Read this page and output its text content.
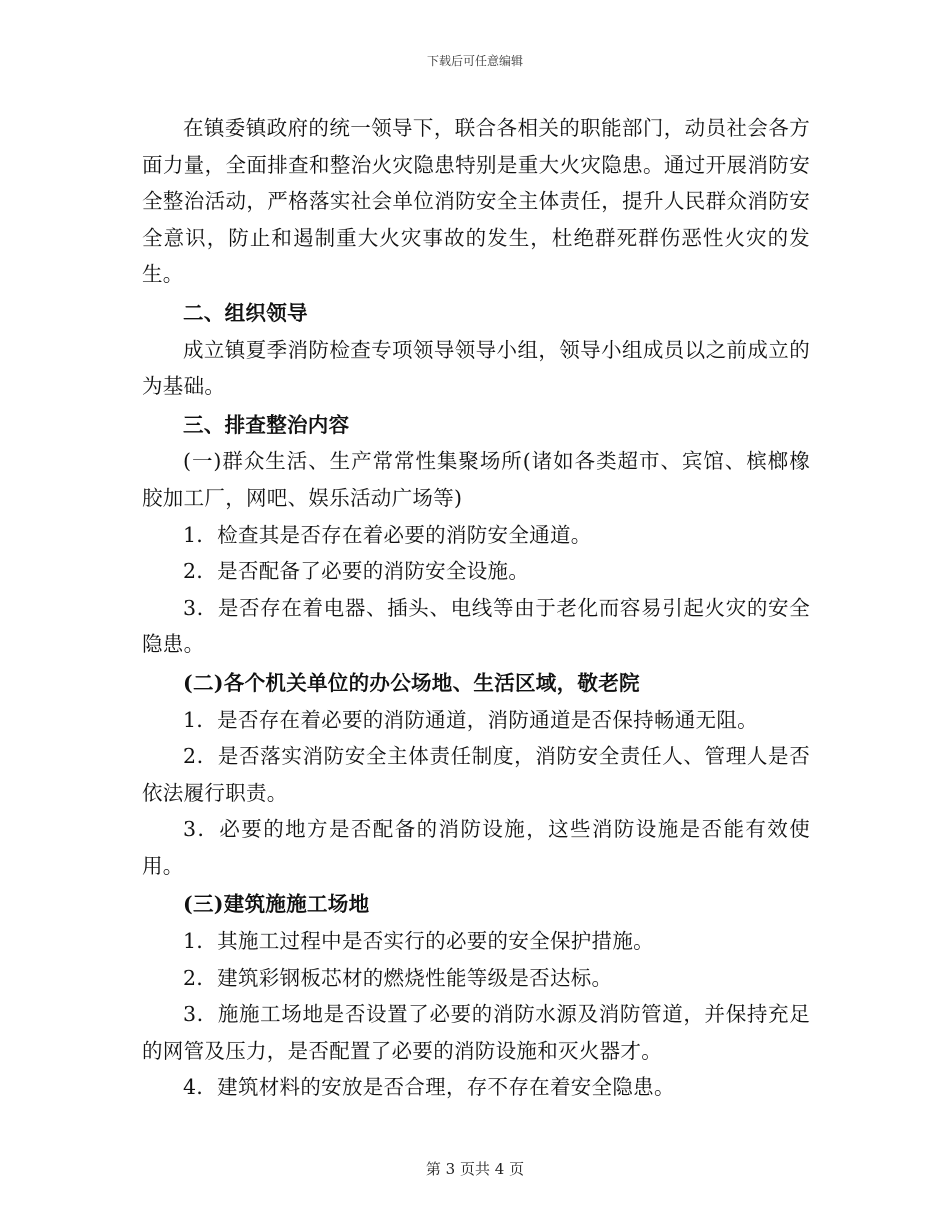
下载后可任意编辑

在镇委镇政府的统一领导下，联合各相关的职能部门，动员社会各方面力量，全面排查和整治火灾隐患特别是重大火灾隐患。通过开展消防安全整治活动，严格落实社会单位消防安全主体责任，提升人民群众消防安全意识，防止和遏制重大火灾事故的发生，杜绝群死群伤恶性火灾的发生。

二、组织领导

成立镇夏季消防检查专项领导领导小组，领导小组成员以之前成立的为基础。

三、排查整治内容

(一)群众生活、生产常常性集聚场所(诸如各类超市、宾馆、槟榔橡胶加工厂，网吧、娱乐活动广场等)

1．检查其是否存在着必要的消防安全通道。

2．是否配备了必要的消防安全设施。

3．是否存在着电器、插头、电线等由于老化而容易引起火灾的安全隐患。

(二)各个机关单位的办公场地、生活区域，敬老院

1．是否存在着必要的消防通道，消防通道是否保持畅通无阻。

2．是否落实消防安全主体责任制度，消防安全责任人、管理人是否依法履行职责。

3．必要的地方是否配备的消防设施，这些消防设施是否能有效使用。

(三)建筑施施工场地

1．其施工过程中是否实行的必要的安全保护措施。

2．建筑彩钢板芯材的燃烧性能等级是否达标。

3．施施工场地是否设置了必要的消防水源及消防管道，并保持充足的网管及压力，是否配置了必要的消防设施和灭火器才。

4．建筑材料的安放是否合理，存不存在着安全隐患。

第 3 页共 4 页
